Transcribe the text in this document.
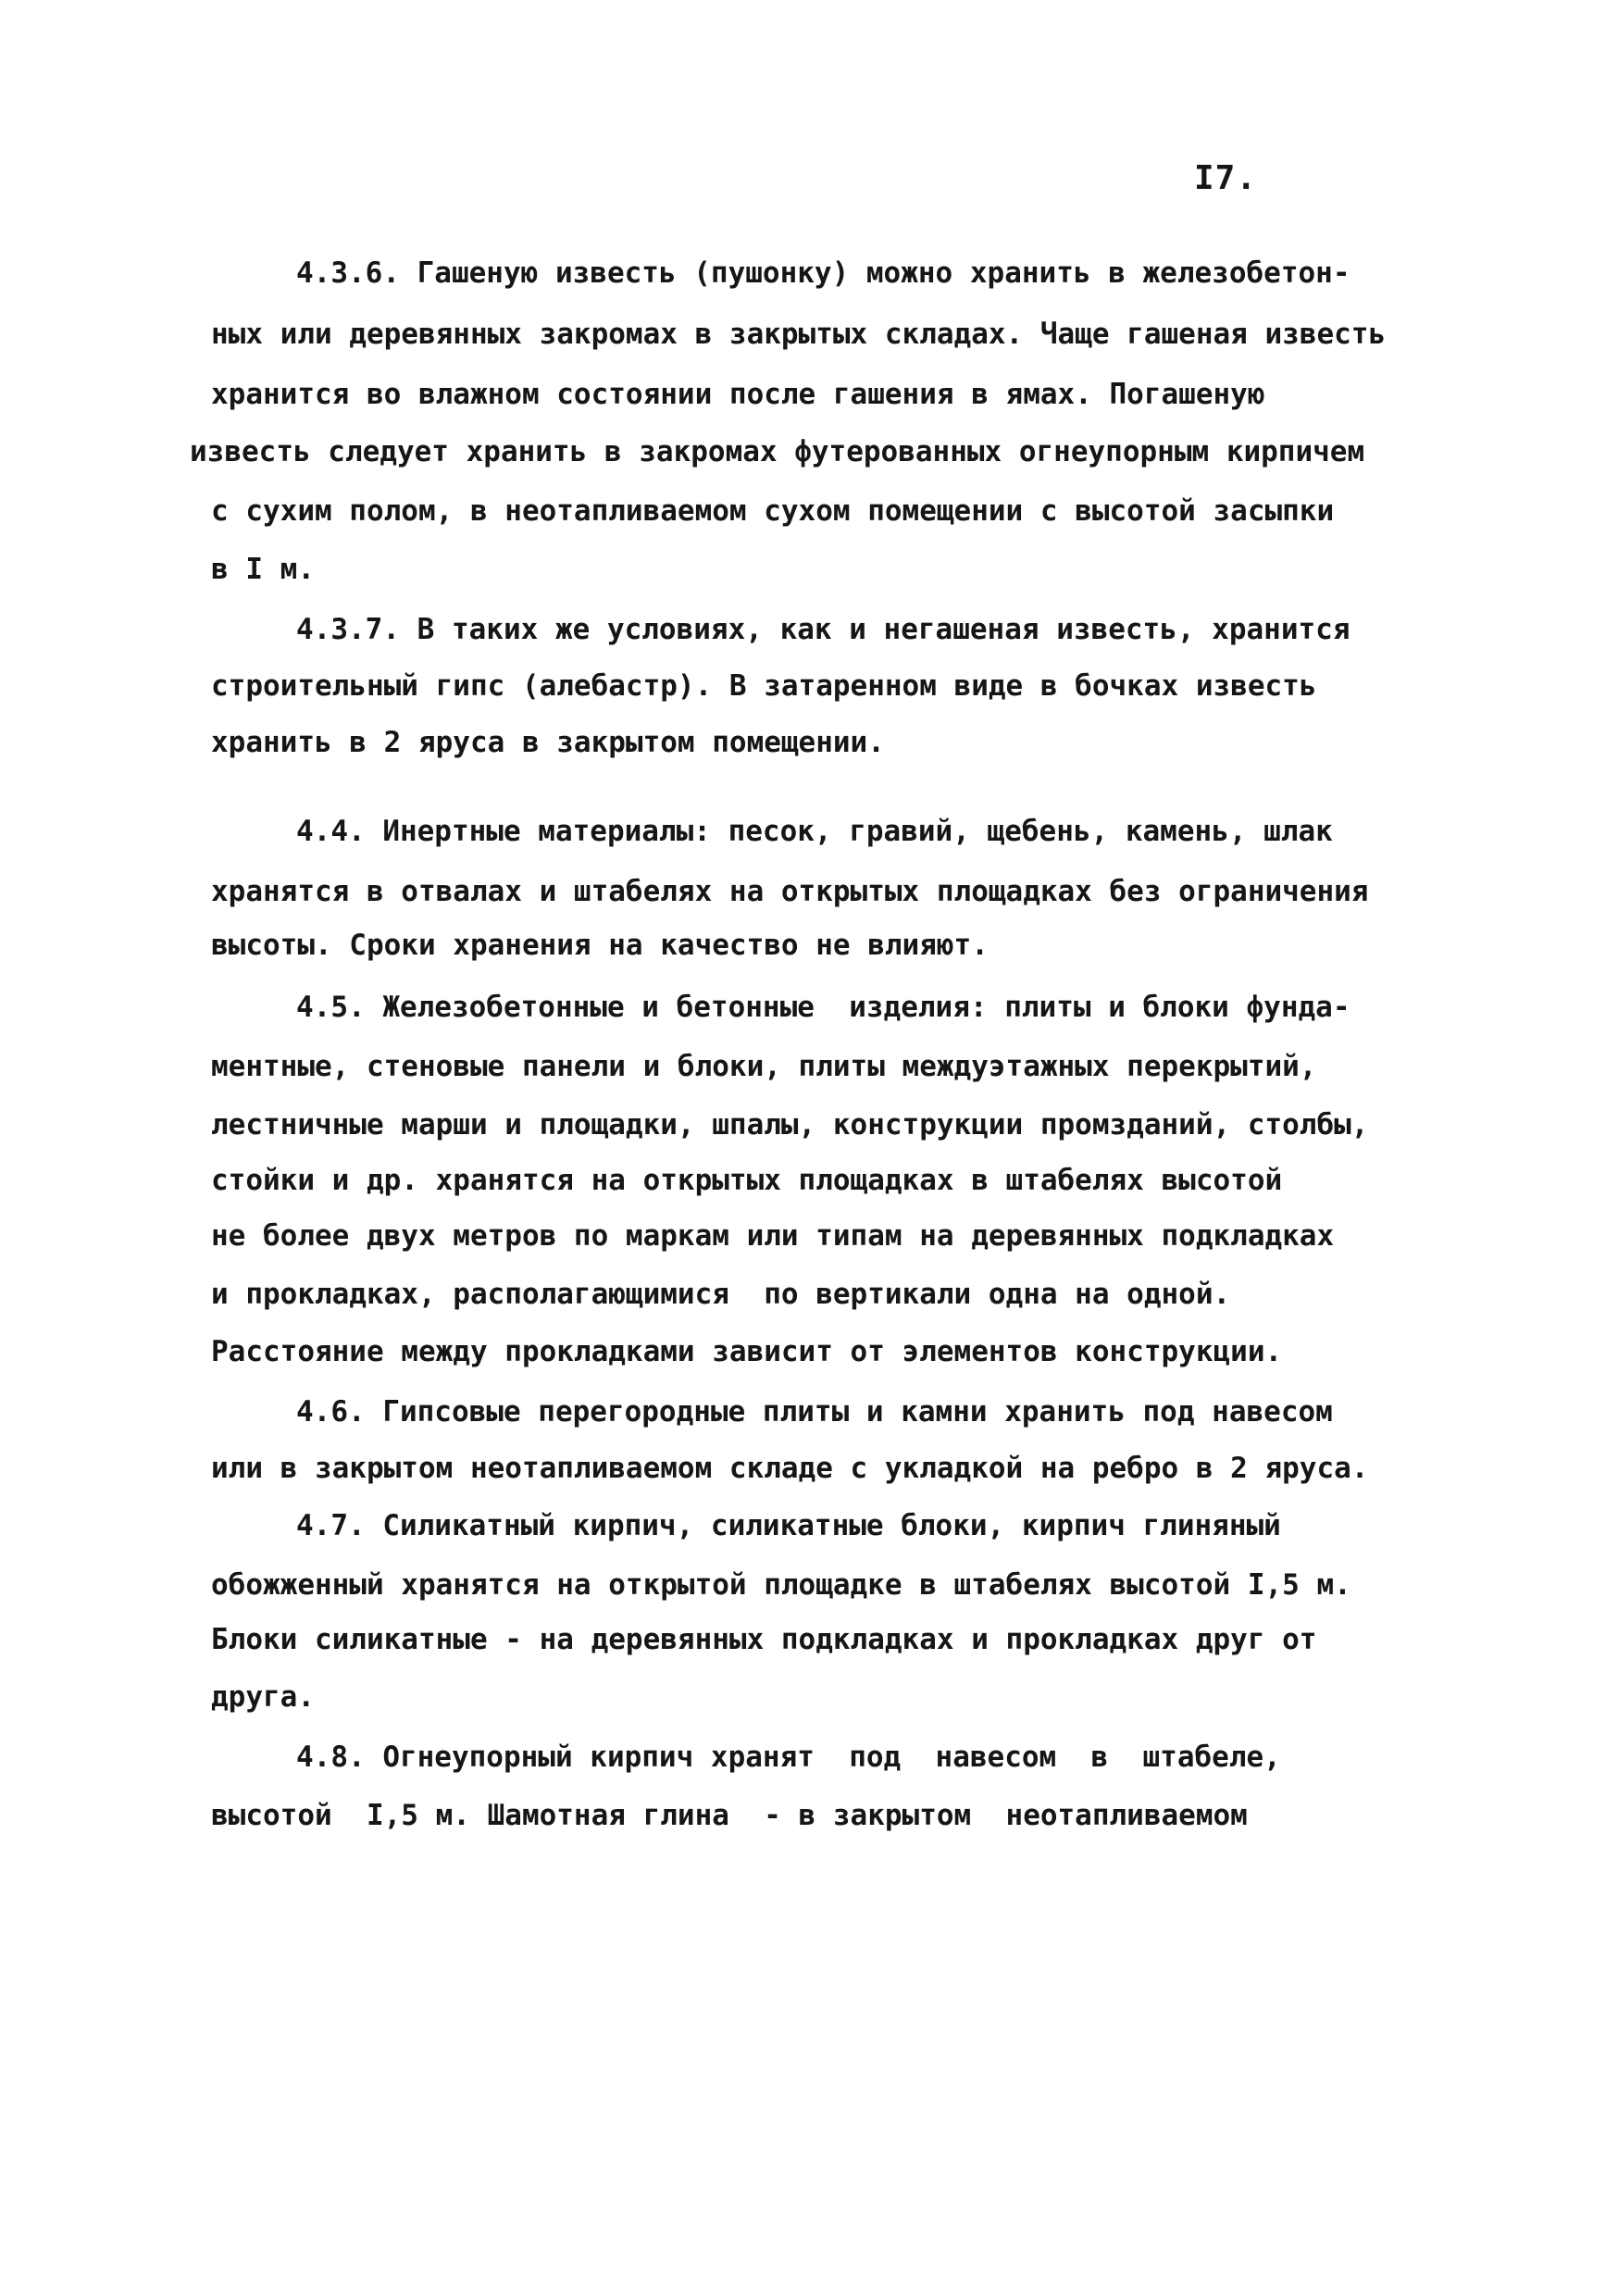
I7.
4.3.6. Гашеную известь (пушонку) можно хранить в железобетон-
ных или деревянных закромах в закрытых складах. Чаще гашеная известь
хранится во влажном состоянии после гашения в ямах. Погашеную
известь следует хранить в закромах футерованных огнеупорным кирпичем
с сухим полом, в неотапливаемом сухом помещении с высотой засыпки
в I м.
4.3.7. В таких же условиях, как и негашеная известь, хранится
строительный гипс (алебастр). В затаренном виде в бочках известь
хранить в 2 яруса в закрытом помещении.
4.4. Инертные материалы: песок, гравий, щебень, камень, шлак
хранятся в отвалах и штабелях на открытых площадках без ограничения
высоты. Сроки хранения на качество не влияют.
4.5. Железобетонные и бетонные  изделия: плиты и блоки фунда-
ментные, стеновые панели и блоки, плиты междуэтажных перекрытий,
лестничные марши и площадки, шпалы, конструкции промзданий, столбы,
стойки и др. хранятся на открытых площадках в штабелях высотой
не более двух метров по маркам или типам на деревянных подкладках
и прокладках, располагающимися  по вертикали одна на одной.
Расстояние между прокладками зависит от элементов конструкции.
4.6. Гипсовые перегородные плиты и камни хранить под навесом
или в закрытом неотапливаемом складе с укладкой на ребро в 2 яруса.
4.7. Силикатный кирпич, силикатные блоки, кирпич глиняный
обожженный хранятся на открытой площадке в штабелях высотой I,5 м.
Блоки силикатные - на деревянных подкладках и прокладках друг от
друга.
4.8. Огнеупорный кирпич хранят  под  навесом  в  штабеле,
высотой  I,5 м. Шамотная глина  - в закрытом  неотапливаемом
